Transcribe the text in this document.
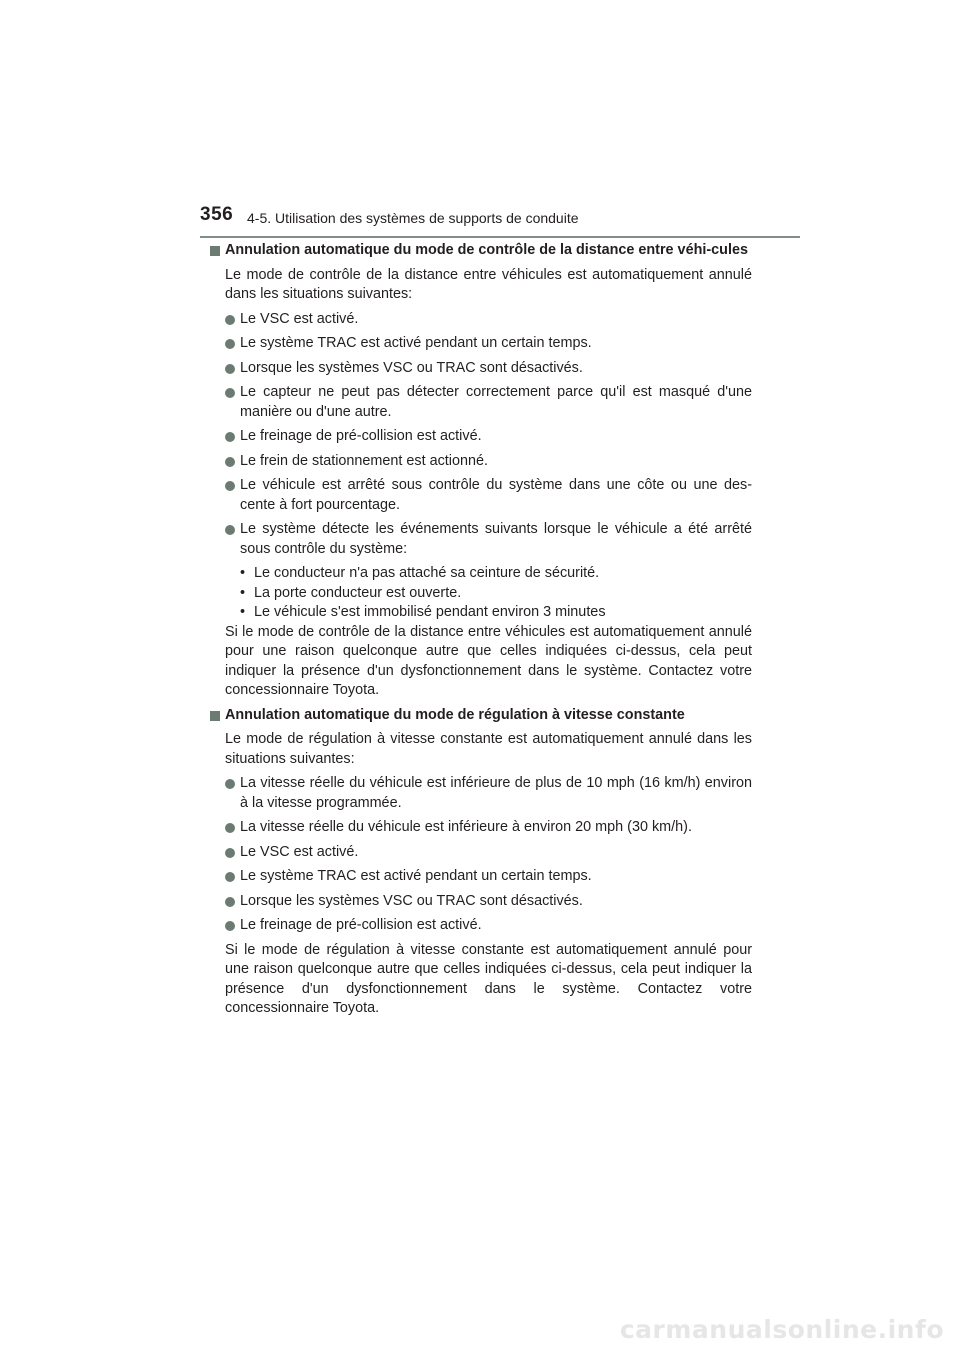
356 4-5. Utilisation des systèmes de supports de conduite
Annulation automatique du mode de contrôle de la distance entre véhi-cules

Le mode de contrôle de la distance entre véhicules est automatiquement annulé dans les situations suivantes:

Le VSC est activé.
Le système TRAC est activé pendant un certain temps.
Lorsque les systèmes VSC ou TRAC sont désactivés.
Le capteur ne peut pas détecter correctement parce qu'il est masqué d'une manière ou d'une autre.
Le freinage de pré-collision est activé.
Le frein de stationnement est actionné.
Le véhicule est arrêté sous contrôle du système dans une côte ou une des-cente à fort pourcentage.
Le système détecte les événements suivants lorsque le véhicule a été arrêté sous contrôle du système:
• Le conducteur n'a pas attaché sa ceinture de sécurité.
• La porte conducteur est ouverte.
• Le véhicule s'est immobilisé pendant environ 3 minutes

Si le mode de contrôle de la distance entre véhicules est automatiquement annulé pour une raison quelconque autre que celles indiquées ci-dessus, cela peut indiquer la présence d'un dysfonctionnement dans le système. Contactez votre concessionnaire Toyota.

Annulation automatique du mode de régulation à vitesse constante

Le mode de régulation à vitesse constante est automatiquement annulé dans les situations suivantes:

La vitesse réelle du véhicule est inférieure de plus de 10 mph (16 km/h) environ à la vitesse programmée.
La vitesse réelle du véhicule est inférieure à environ 20 mph (30 km/h).
Le VSC est activé.
Le système TRAC est activé pendant un certain temps.
Lorsque les systèmes VSC ou TRAC sont désactivés.
Le freinage de pré-collision est activé.

Si le mode de régulation à vitesse constante est automatiquement annulé pour une raison quelconque autre que celles indiquées ci-dessus, cela peut indiquer la présence d'un dysfonctionnement dans le système. Contactez votre concessionnaire Toyota.

carmanualsonline.info
